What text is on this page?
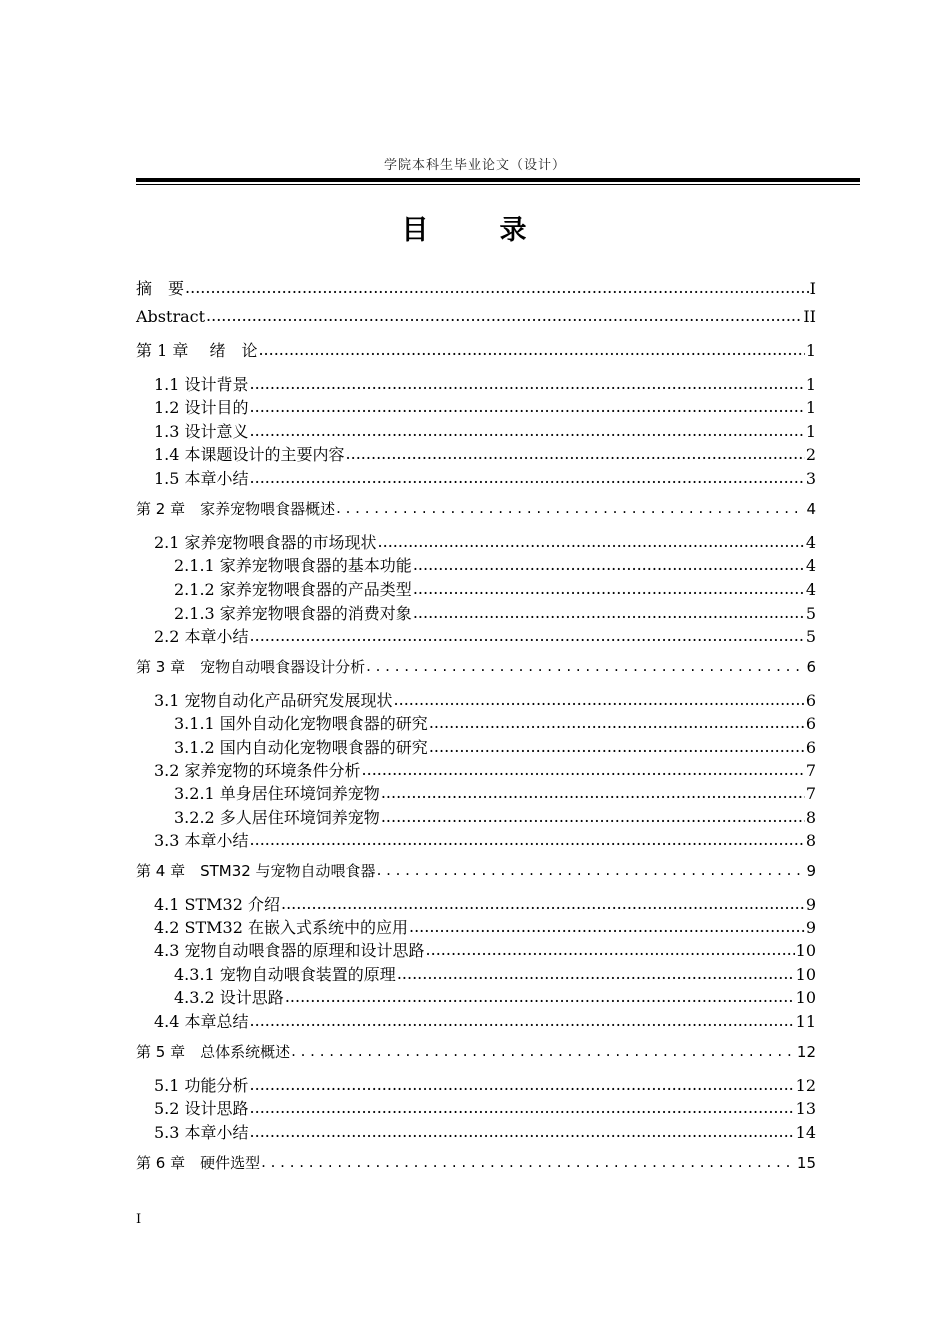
学院本科生毕业论文（设计）
目　录
摘　要 .....	I
Abstract .....	II
第 1 章　 绪　论 .....	1
1.1 设计背景 .....	1
1.2 设计目的 .....	1
1.3 设计意义 .....	1
1.4 本课题设计的主要内容 .....	2
1.5 本章小结 .....	3
第 2 章　家养宠物喂食器概述 . . .	4
2.1 家养宠物喂食器的市场现状 .....	4
2.1.1 家养宠物喂食器的基本功能 .....	4
2.1.2 家养宠物喂食器的产品类型 .....	4
2.1.3 家养宠物喂食器的消费对象 .....	5
2.2 本章小结 .....	5
第 3 章　宠物自动喂食器设计分析 . . .	6
3.1 宠物自动化产品研究发展现状 .....	6
3.1.1 国外自动化宠物喂食器的研究 .....	6
3.1.2 国内自动化宠物喂食器的研究 .....	6
3.2 家养宠物的环境条件分析 .....	7
3.2.1 单身居住环境饲养宠物 .....	7
3.2.2 多人居住环境饲养宠物 .....	8
3.3 本章小结 .....	8
第 4 章　STM32 与宠物自动喂食器 . . .	9
4.1 STM32 介绍 .....	9
4.2 STM32 在嵌入式系统中的应用 .....	9
4.3 宠物自动喂食器的原理和设计思路 .....	10
4.3.1 宠物自动喂食装置的原理 .....	10
4.3.2 设计思路 .....	10
4.4 本章总结 .....	11
第 5 章　总体系统概述 . . .	12
5.1 功能分析 .....	12
5.2 设计思路 .....	13
5.3 本章小结 .....	14
第 6 章　硬件选型 . . .	15
I
